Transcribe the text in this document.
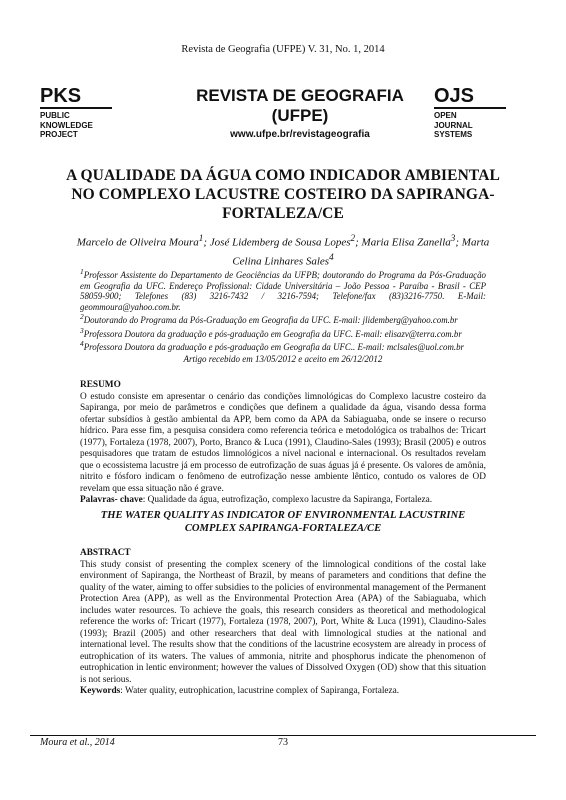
Revista de Geografia (UFPE) V. 31, No. 1, 2014
PKS
PUBLIC
KNOWLEDGE
PROJECT
REVISTA DE GEOGRAFIA
(UFPE)
www.ufpe.br/revistageografia
OJS
OPEN
JOURNAL
SYSTEMS
A QUALIDADE DA ÁGUA COMO INDICADOR AMBIENTAL NO COMPLEXO LACUSTRE COSTEIRO DA SAPIRANGA-FORTALEZA/CE
Marcelo de Oliveira Moura$^1$; José Lidemberg de Sousa Lopes$^2$; Maria Elisa Zanella$^3$; Marta Celina Linhares Sales$^4$

$^1$Professor Assistente do Departamento de Geociências da UFPB; doutorando do Programa da Pós-Graduação em Geografia da UFC. Endereço Profissional: Cidade Universitária – João Pessoa - Paraíba - Brasil - CEP 58059-900; Telefones (83) 3216-7432 / 3216-7594; Telefone/fax (83)3216-7750. E-Mail: geommoura@yahoo.com.br.

$^2$Doutorando do Programa da Pós-Graduação em Geografia da UFC. E-mail: jlidemberg@yahoo.com.br

$^3$Professora Doutora da graduação e pós-graduação em Geografia da UFC. E-mail: elisazv@terra.com.br

$^4$Professora Doutora da graduação e pós-graduação em Geografia da UFC.. E-mail: mclsales@uol.com.br

Artigo recebido em 13/05/2012 e aceito em 26/12/2012
RESUMO
O estudo consiste em apresentar o cenário das condições limnológicas do Complexo lacustre costeiro da Sapiranga, por meio de parâmetros e condições que definem a qualidade da água, visando dessa forma ofertar subsídios à gestão ambiental da APP, bem como da APA da Sabiaguaba, onde se insere o recurso hídrico. Para esse fim, a pesquisa considera como referencia teórica e metodológica os trabalhos de: Tricart (1977), Fortaleza (1978, 2007), Porto, Branco & Luca (1991), Claudino-Sales (1993); Brasil (2005) e outros pesquisadores que tratam de estudos limnológicos a nível nacional e internacional. Os resultados revelam que o ecossistema lacustre já em processo de eutrofização de suas águas já é presente. Os valores de amônia, nitrito e fósforo indicam o fenômeno de eutrofização nesse ambiente lêntico, contudo os valores de OD revelam que essa situação não é grave.
Palavras- chave: Qualidade da água, eutrofização, complexo lacustre da Sapiranga, Fortaleza.
THE WATER QUALITY AS INDICATOR OF ENVIRONMENTAL LACUSTRINE COMPLEX SAPIRANGA-FORTALEZA/CE
ABSTRACT
This study consist of presenting the complex scenery of the limnological conditions of the costal lake environment of Sapiranga, the Northeast of Brazil, by means of parameters and conditions that define the quality of the water, aiming to offer subsidies to the policies of environmental management of the Permanent Protection Area (APP), as well as the Environmental Protection Area (APA) of the Sabiaguaba, which includes water resources. To achieve the goals, this research considers as theoretical and methodological reference the works of: Tricart (1977), Fortaleza (1978, 2007), Port, White & Luca (1991), Claudino-Sales (1993); Brazil (2005) and other researchers that deal with limnological studies at the national and international level. The results show that the conditions of the lacustrine ecosystem are already in process of eutrophication of its waters. The values of ammonia, nitrite and phosphorus indicate the phenomenon of eutrophication in lentic environment; however the values of Dissolved Oxygen (OD) show that this situation is not serious.
Keywords: Water quality, eutrophication, lacustrine complex of Sapiranga, Fortaleza.
Moura et al., 2014	73
